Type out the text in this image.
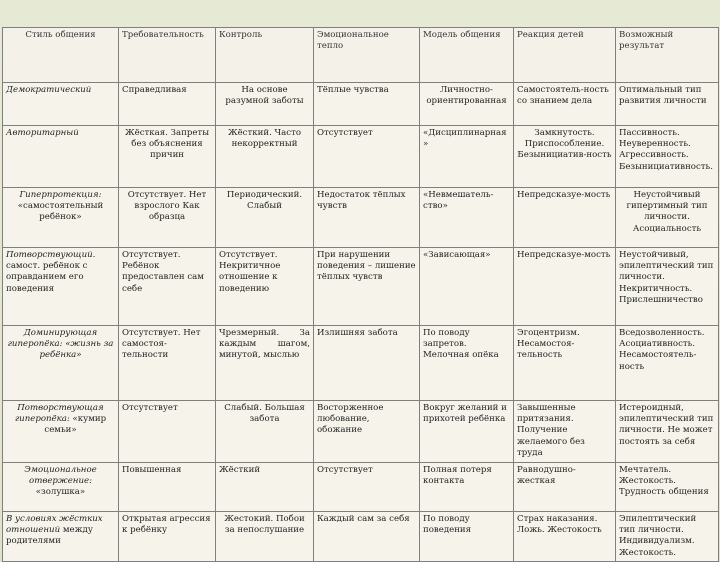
Стиль общения	Требовательность	Контроль	Эмоциональное тепло	Модель общения	Реакция детей	Возможный результат
Демократический	Справедливая	На основе разумной заботы	Тёплые чувства	Личностно-ориентированная	Самостоятель-ность со знанием дела	Оптимальный тип развития личности
Авторитарный	Жёсткая. Запреты без объяснения причин	Жёсткий. Часто некорректный	Отсутствует	«Дисциплинарная»	Замкнутость. Приспособление. Безынициатив-ность	Пассивность. Неуверенность. Агрессивность. Безынициативность.
Гиперпротекция: «самостоятельный ребёнок»	Отсутствует. Нет взрослого Как образца	Периодический. Слабый	Недостаток тёплых чувств	«Невмешатель-ство»	Непредсказуе-мость	Неустойчивый гипертимный тип личности. Асоциальность
Потворствующий. самост. ребёнок с оправданием его поведения	Отсутствует. Ребёнок предоставлен сам себе	Отсутствует. Некритичное отношение к поведению	При нарушении поведения – лишение тёплых чувств	«Зависающая»	Непредсказуе-мость	Неустойчивый, эпилептический тип личности. Некритичность. Прислешничество
Доминирующая гиперопёка: «жизнь за ребёнка»	Отсутствует. Нет самостоя-тельности	Чрезмерный. За каждым шагом, минутой, мыслью	Излишняя забота	По поводу запретов. Мелочная опёка	Эгоцентризм. Несамостоя-тельность	Вседозволенность. Асоциативность. Несамостоятель-ность
Потворствующая гиперопёка: «кумир семьи»	Отсутствует	Слабый. Большая забота	Восторженное любование, обожание	Вокруг желаний и прихотей ребёнка	Завышенные притязания. Получение желаемого без труда	Истероидный, эпилептический тип личности. Не может постоять за себя
Эмоциональное отвержение: «золушка»	Повышенная	Жёсткий	Отсутствует	Полная потеря контакта	Равнодушно-жесткая	Мечтатель. Жестокость. Трудность общения
В условиях жёстких отношений между родителями	Открытая агрессия к ребёнку	Жестокий. Побои за непослушание	Каждый сам за себя	По поводу поведения	Страх наказания. Ложь. Жестокость	Эпилептический тип личности. Индивидуализм. Жестокость.
